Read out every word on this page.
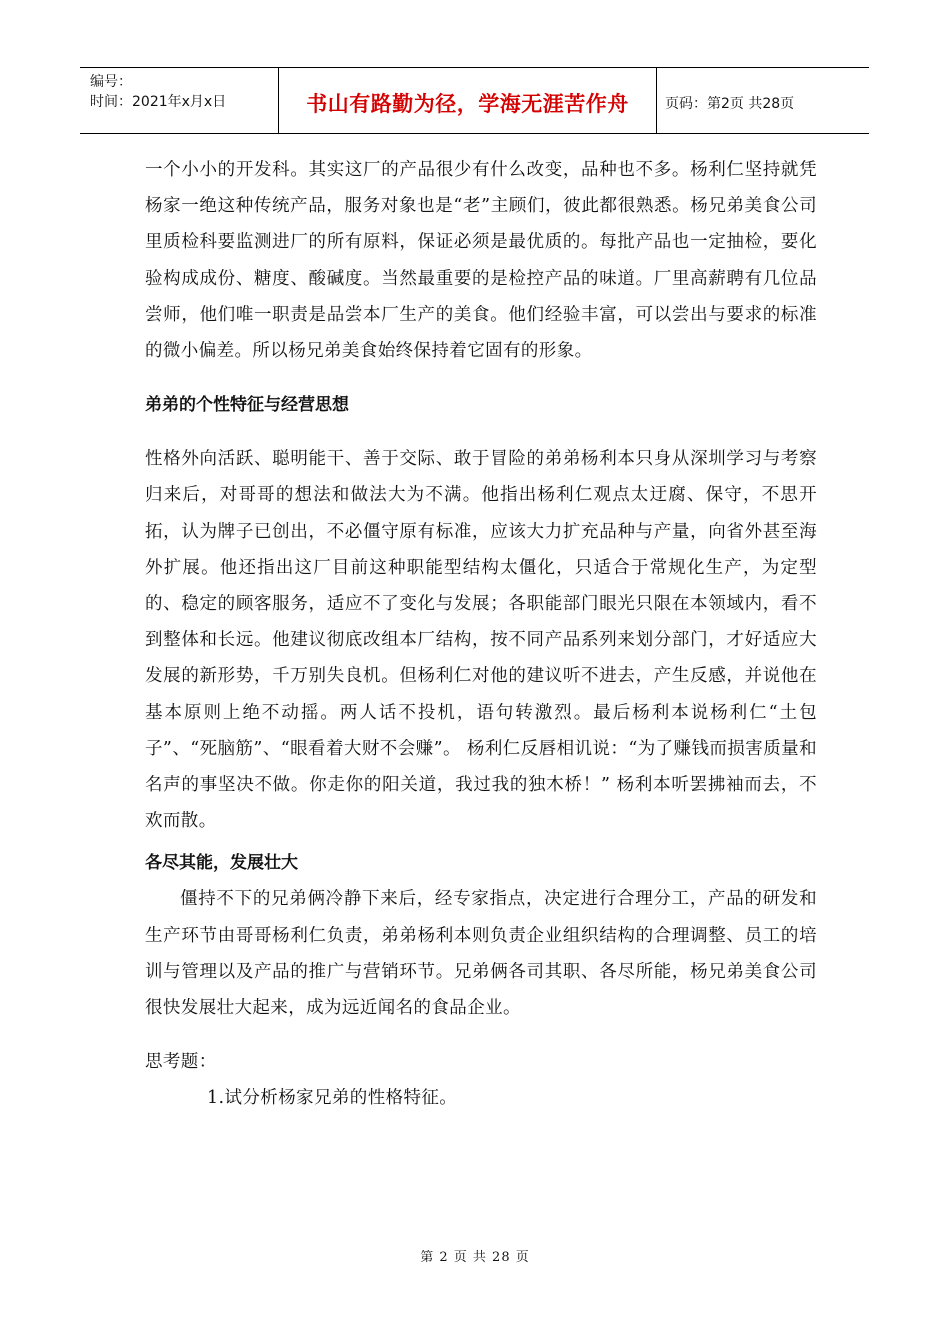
编号：
时间：2021年x月x日	书山有路勤为径，学海无涯苦作舟	页码：第2页 共28页

一个小小的开发科。其实这厂的产品很少有什么改变，品种也不多。杨利仁坚持就凭杨家一绝这种传统产品，服务对象也是“老”主顾们，彼此都很熟悉。杨兄弟美食公司里质检科要监测进厂的所有原料，保证必须是最优质的。每批产品也一定抽检，要化验构成成份、糖度、酸碱度。当然最重要的是检控产品的味道。厂里高薪聘有几位品尝师，他们唯一职责是品尝本厂生产的美食。他们经验丰富，可以尝出与要求的标准的微小偏差。所以杨兄弟美食始终保持着它固有的形象。

弟弟的个性特征与经营思想

性格外向活跃、聪明能干、善于交际、敢于冒险的弟弟杨利本只身从深圳学习与考察归来后，对哥哥的想法和做法大为不满。他指出杨利仁观点太迂腐、保守，不思开拓，认为牌子已创出，不必僵守原有标准，应该大力扩充品种与产量，向省外甚至海外扩展。他还指出这厂目前这种职能型结构太僵化，只适合于常规化生产，为定型的、稳定的顾客服务，适应不了变化与发展；各职能部门眼光只限在本领域内，看不到整体和长远。他建议彻底改组本厂结构，按不同产品系列来划分部门，才好适应大发展的新形势，千万别失良机。但杨利仁对他的建议听不进去，产生反感，并说他在基本原则上绝不动摇。两人话不投机，语句转激烈。最后杨利本说杨利仁“土包子”、“死脑筋”、“眼看着大财不会赚”。 杨利仁反唇相讥说：“为了赚钱而损害质量和名声的事坚决不做。你走你的阳关道，我过我的独木桥！” 杨利本听罢拂袖而去，不欢而散。

各尽其能，发展壮大

僵持不下的兄弟俩冷静下来后，经专家指点，决定进行合理分工，产品的研发和生产环节由哥哥杨利仁负责，弟弟杨利本则负责企业组织结构的合理调整、员工的培训与管理以及产品的推广与营销环节。兄弟俩各司其职、各尽所能，杨兄弟美食公司很快发展壮大起来，成为远近闻名的食品企业。

思考题：

1.试分析杨家兄弟的性格特征。

第 2 页 共 28 页
